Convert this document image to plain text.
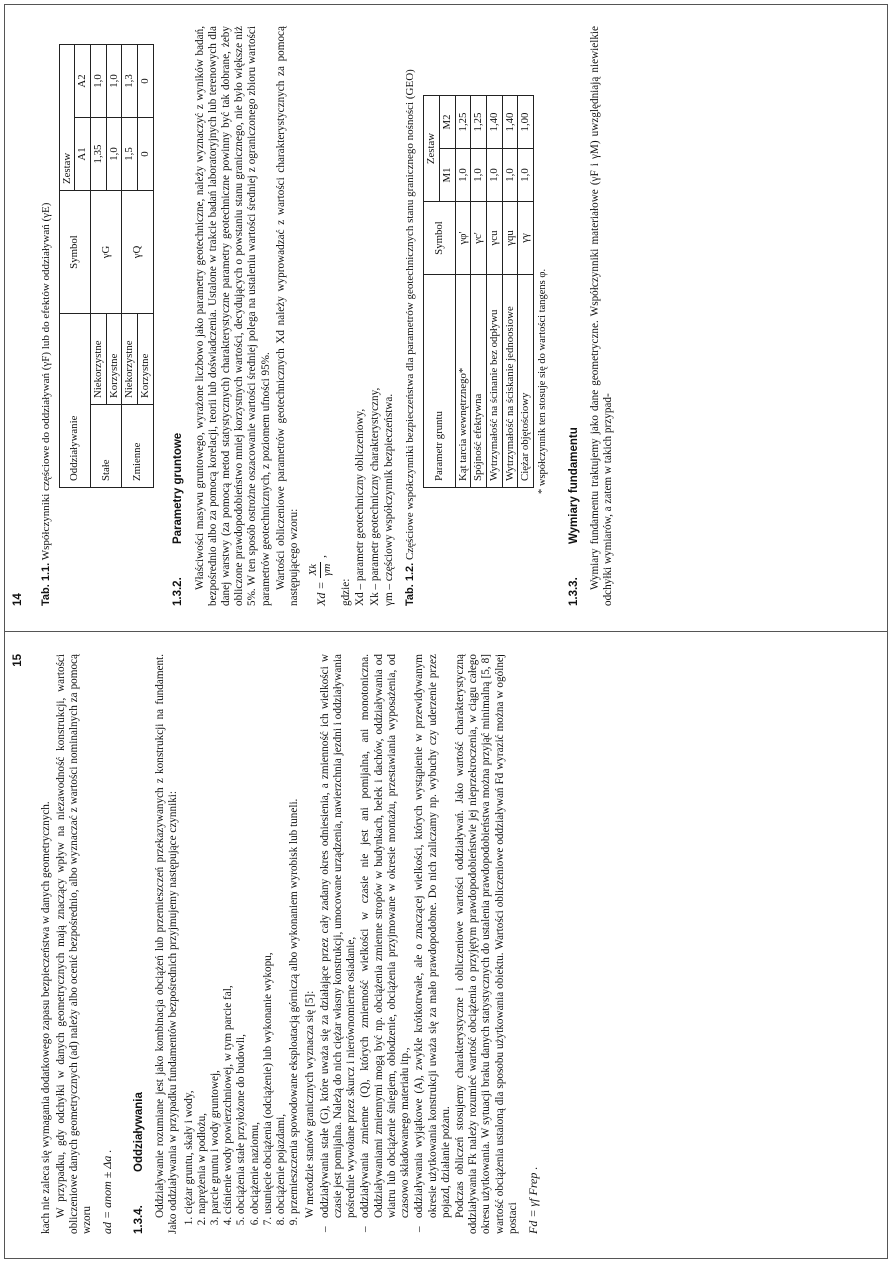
14 Tab. 1.1. Współczynniki częściowe do oddziaływań (γF) lub do efektów oddziaływań (γE) Oddziaływanie		Symbol	Zestaw	
			A1	A2
Stałe	Niekorzystne	γG	1,35	1,0
	Korzystne		1,0	1,0
Zmienne	Niekorzystne	γQ	1,5	1,3
	Korzystne		0	0
1.3.2.
Parametry gruntowe Właściwości masywu gruntowego, wyrażone liczbowo jako parametry geotechniczne, należy wyznaczyć z wyników badań, bezpośrednio albo za pomocą korelacji, teorii lub doświadczenia. Ustalone w trakcie badań laboratoryjnych lub terenowych dla danej warstwy (za pomocą metod statystycznych) charakterystyczne parametry geotechniczne powinny być tak dobrane, żeby obliczone prawdopodobieństwo mniej korzystnych wartości, decydujących o powstaniu stanu granicznego, nie było większe niż 5%. W ten sposób ostrożne oszacowanie wartości średniej polega na ustaleniu wartości średniej z ograniczonego zbioru wartości parametrów geotechnicznych, z poziomem ufności 95%. Wartości obliczeniowe parametrów geotechnicznych Xd należy wyprowadzać z wartości charakterystycznych za pomocą następującego wzoru: Xd =
Xk γm
,
gdzie: Xd – parametr geotechniczny obliczeniowy, Xk – parametr geotechniczny charakterystyczny, γm – częściowy współczynnik bezpieczeństwa. Tab. 1.2. Częściowe współczynniki bezpieczeństwa dla parametrów geotechnicznych stanu granicznego nośności (GEO) Parametr gruntu	Symbol	Zestaw	
		M1	M2
Kąt tarcia wewnętrznego*	γφ'	1,0	1,25
Spójność efektywna	γc'	1,0	1,25
Wytrzymałość na ścinanie bez odpływu	γcu	1,0	1,40
Wytrzymałość na ściskanie jednoosiowe	γqu	1,0	1,40
Ciężar objętościowy	γγ	1,0	1,00
* współczynnik ten stosuje się do wartości tangens φ.
1.3.3.
Wymiary fundamentu Wymiary fundamentu traktujemy jako dane geometryczne. Współczynniki materiałowe (γF i γM) uwzględniają niewielkie odchyłki wymiarów, a zatem w takich przypad-

15

kach nie zaleca się wymagania dodatkowego zapasu bezpieczeństwa w danych geometrycznych. W przypadku, gdy odchyłki w danych geometrycznych mają znaczący wpływ na niezawodność konstrukcji, wartości obliczeniowe danych geometrycznych (ad) należy albo ocenić bezpośrednio, albo wyznaczać z wartości nominalnych za pomocą wzoru ad = anom ± Δa . 1.3.4.
Oddziaływania Oddziaływanie rozumiane jest jako kombinacja obciążeń lub przemieszczeń przekazywanych z konstrukcji na fundament. Jako oddziaływania w przypadku fundamentów bezpośrednich przyjmujemy następujące czynniki: 1. ciężar gruntu, skały i wody, 2. naprężenia w podłożu, 3. parcie gruntu i wody gruntowej, 4. ciśnienie wody powierzchniowej, w tym parcie fal, 5. obciążenia stałe przyłożone do budowli, 6. obciążenie naziomu, 7. usunięcie obciążenia (odciążenie) lub wykonanie wykopu, 8. obciążenie pojazdami, 9. przemieszczenia spowodowane eksploatacją górniczą albo wykonaniem wyrobisk lub tuneli. W metodzie stanów granicznych wyznacza się [5]: – oddziaływania stałe (G), które uważa się za działające przez cały zadany okres odniesienia, a zmienność ich wielkości w czasie jest pomijalna. Należą do nich ciężar własny konstrukcji, umocowane urządzenia, nawierzchnia jezdni i oddziaływania pośrednie wywołane przez skurcz i nierównomierne osiadanie, – oddziaływania zmienne (Q), których zmienność wielkości w czasie nie jest ani pomijalna, ani monotoniczna. Oddziaływaniami zmiennymi mogą być np. obciążenia zmienne stropów w budynkach, belek i dachów, oddziaływania od wiatru lub obciążenie śniegiem, obłodzenie, obciążenia przyjmowane w okresie montażu, przestawiania wyposażenia, od czasowo składowanego materiału itp., – oddziaływania wyjątkowe (A), zwykle krótkotrwałe, ale o znaczącej wielkości, których wystąpienie w przewidywanym okresie użytkowania konstrukcji uważa się za mało prawdopodobne. Do nich zaliczamy np. wybuchy czy uderzenie przez pojazd, działanie pożaru. Podczas obliczeń stosujemy charakterystyczne i obliczeniowe wartości oddziaływań. Jako wartość charakterystyczną oddziaływania Fk należy rozumieć wartość obciążenia o przyjętym prawdopodobieństwie jej nieprzekroczenia, w ciągu całego okresu użytkowania. W sytuacji braku danych statystycznych do ustalenia prawdopodobieństwa można przyjąć minimalną [5, 8] wartość obciążenia ustaloną dla sposobu użytkowania obiektu. Wartości obliczeniowe oddziaływań Fd wyrazić można w ogólnej postaci Fd = γf Frep .
